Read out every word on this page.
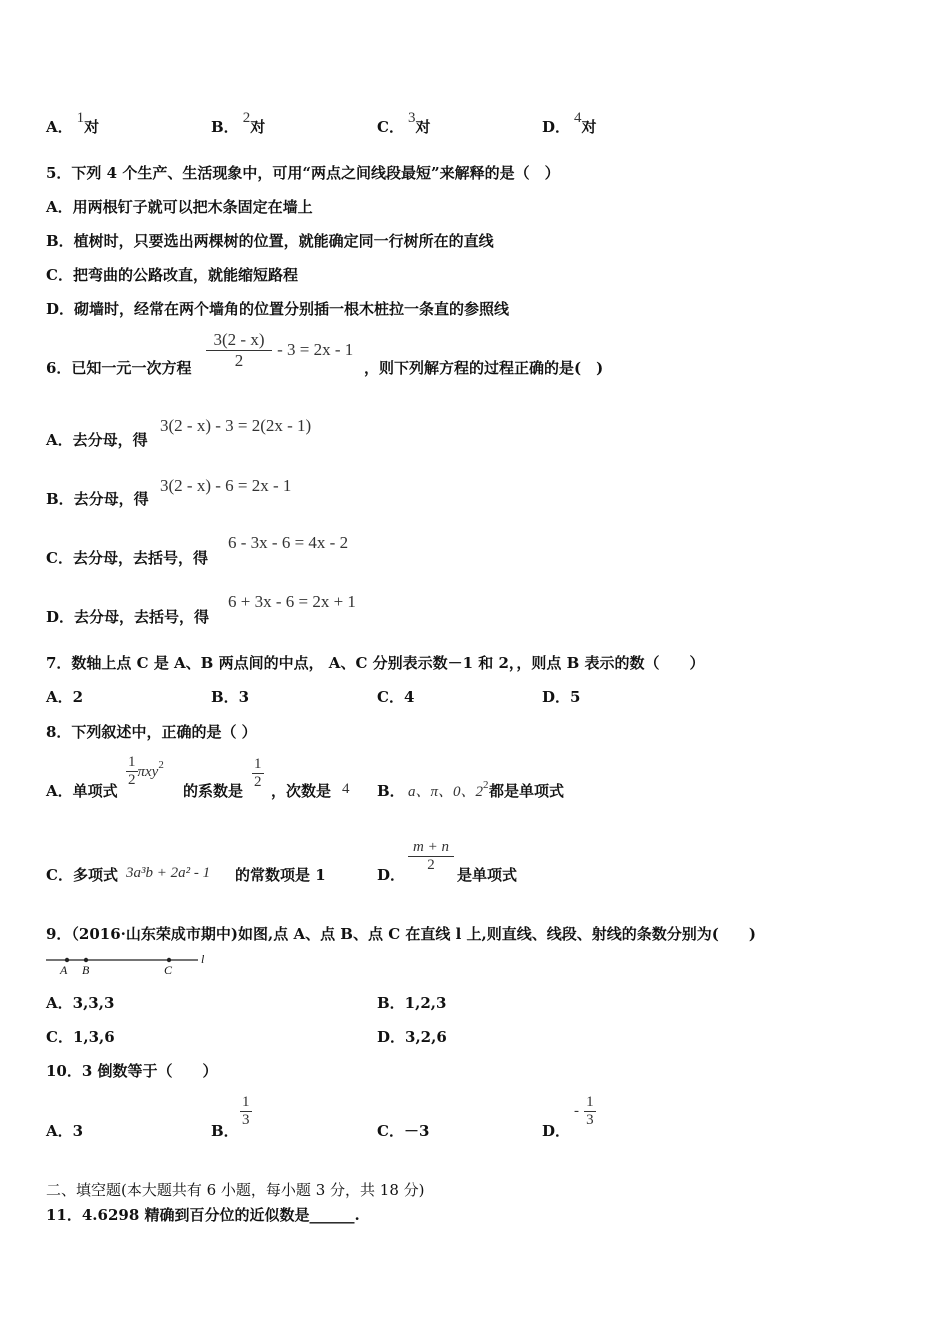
A． 1对	B． 2对	C． 3对	D． 4对
5．下列 4 个生产、生活现象中，可用“两点之间线段最短”来解释的是（　）
A．用两根钉子就可以把木条固定在墙上
B．植树时，只要选出两棵树的位置，就能确定同一行树所在的直线
C．把弯曲的公路改直，就能缩短路程
D．砌墙时，经常在两个墙角的位置分别插一根木桩拉一条直的参照线
6．已知一元一次方程 $\frac{3(2 - x)}{2} - 3 = 2x - 1$
，则下列解方程的过程正确的是(　)
A．去分母，得
3(2 - x) - 3 = 2(2x - 1)
B．去分母，得
3(2 - x) - 6 = 2x - 1
C．去分母，去括号，得
6 - 3x - 6 = 4x - 2
D．去分母，去括号，得
6 + 3x - 6 = 2x + 1
7．数轴上点 C 是 A、B 两点间的中点， A、C 分别表示数－1 和 2，，则点 B 表示的数（　　）
A．2	B．3	C．4	D．5
8．下列叙述中，正确的是（ ）
A．单项式
$\frac{1}{2} \pi xy^2$
的系数是 $\frac{1}{2}$ ，次数是 4 B． a、π、0、$2^2$ 都是单项式
C．多项式 3a³b + 2a² - 1 的常数项是 1	D．
$\frac{m + n}{2}$
是单项式
9．（2016·山东荣成市期中)如图,点 A、点 B、点 C 在直线 l 上,则直线、线段、射线的条数分别为(　　)
A B	C
l
A．3,3,3	B．1,2,3
C．1,3,6	D．3,2,6
10．3 倒数等于（　　）
A．3	B．
$\frac{1}{3}$
C．－3	D．
- $\frac{1}{3}$
二、填空题(本大题共有 6 小题，每小题 3 分，共 18 分)
11．4.6298 精确到百分位的近似数是______.
